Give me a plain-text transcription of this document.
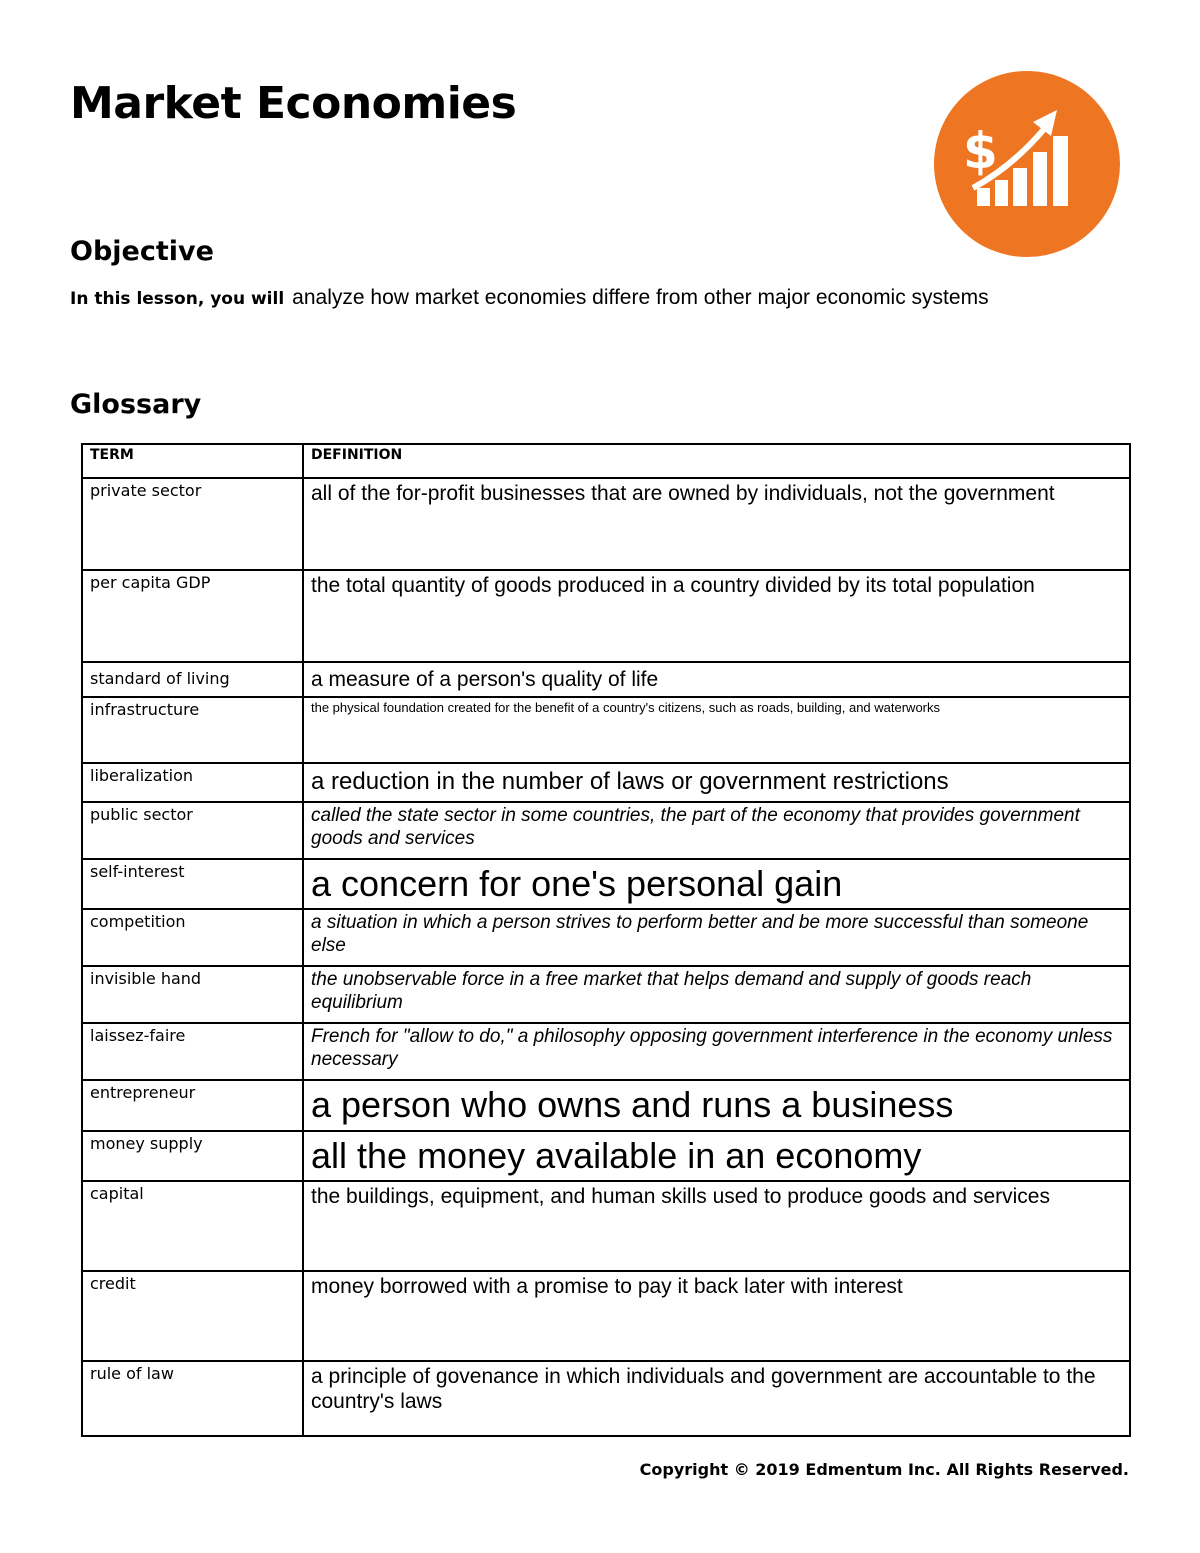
Market Economies
$
Objective
In this lesson, you will analyze how market economies differe from other major economic systems
Glossary
TERM	DEFINITION
private sector	all of the for-profit businesses that are owned by individuals, not the government
per capita GDP	the total quantity of goods produced in a country divided by its total population
standard of living	a measure of a person's quality of life
infrastructure	the physical foundation created for the benefit of a country's citizens, such as roads, building, and waterworks
liberalization	a reduction in the number of laws or government restrictions
public sector	called the state sector in some countries, the part of the economy that provides government goods and services
self-interest	a concern for one's personal gain
competition	a situation in which a person strives to perform better and be more successful than someone else
invisible hand	the unobservable force in a free market that helps demand and supply of goods reach equilibrium
laissez-faire	French for "allow to do," a philosophy opposing government interference in the economy unless necessary
entrepreneur	a person who owns and runs a business
money supply	all the money available in an economy
capital	the buildings, equipment, and human skills used to produce goods and services
credit	money borrowed with a promise to pay it back later with interest
rule of law	a principle of govenance in which individuals and government are accountable to the country's laws
Copyright © 2019 Edmentum Inc. All Rights Reserved.
